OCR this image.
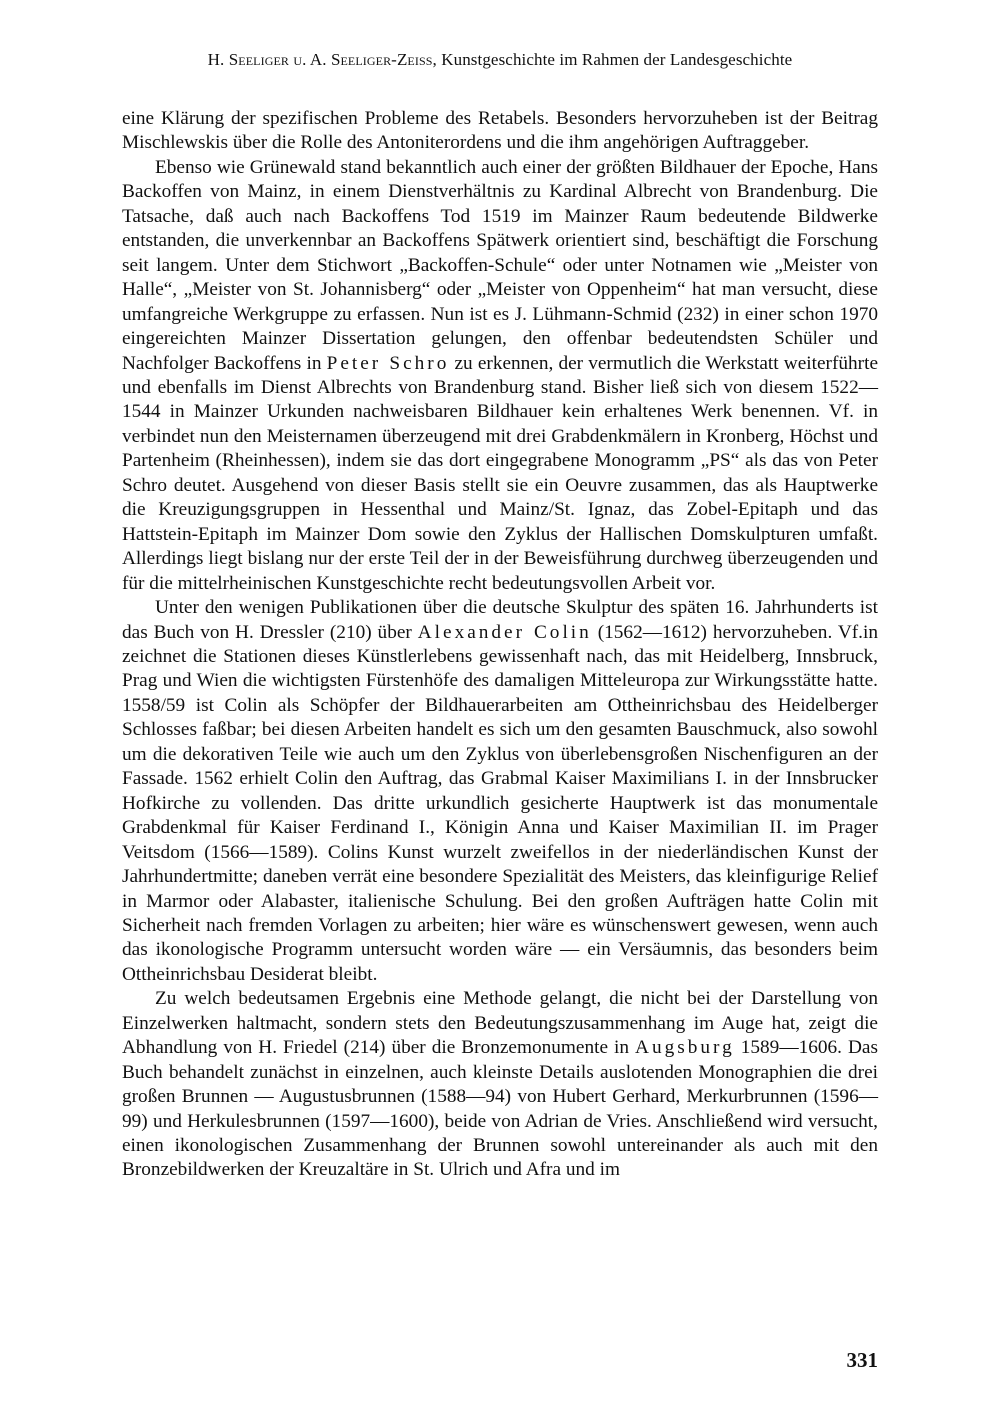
H. Seeliger u. A. Seeliger-Zeiss, Kunstgeschichte im Rahmen der Landesgeschichte

eine Klärung der spezifischen Probleme des Retabels. Besonders hervorzuheben ist der Beitrag Mischlewskis über die Rolle des Antoniterordens und die ihm angehörigen Auftraggeber.

Ebenso wie Grünewald stand bekanntlich auch einer der größten Bildhauer der Epoche, Hans Backoffen von Mainz, in einem Dienstverhältnis zu Kardinal Albrecht von Brandenburg. Die Tatsache, daß auch nach Backoffens Tod 1519 im Mainzer Raum bedeutende Bildwerke entstanden, die unverkennbar an Backoffens Spätwerk orientiert sind, beschäftigt die Forschung seit langem. Unter dem Stichwort „Backoffen-Schule“ oder unter Notnamen wie „Meister von Halle“, „Meister von St. Johannisberg“ oder „Meister von Oppenheim“ hat man versucht, diese umfangreiche Werkgruppe zu erfassen. Nun ist es J. Lühmann-Schmid (232) in einer schon 1970 eingereichten Mainzer Dissertation gelungen, den offenbar bedeutendsten Schüler und Nachfolger Backoffens in Peter Schro zu erkennen, der vermutlich die Werkstatt weiterführte und ebenfalls im Dienst Albrechts von Brandenburg stand. Bisher ließ sich von diesem 1522—1544 in Mainzer Urkunden nachweisbaren Bildhauer kein erhaltenes Werk benennen. Vf. in verbindet nun den Meisternamen überzeugend mit drei Grabdenkmälern in Kronberg, Höchst und Partenheim (Rheinhessen), indem sie das dort eingegrabene Monogramm „PS“ als das von Peter Schro deutet. Ausgehend von dieser Basis stellt sie ein Oeuvre zusammen, das als Hauptwerke die Kreuzigungsgruppen in Hessenthal und Mainz/St. Ignaz, das Zobel-Epitaph und das Hattstein-Epitaph im Mainzer Dom sowie den Zyklus der Hallischen Domskulpturen umfaßt. Allerdings liegt bislang nur der erste Teil der in der Beweisführung durchweg überzeugenden und für die mittelrheinischen Kunstgeschichte recht bedeutungsvollen Arbeit vor.

Unter den wenigen Publikationen über die deutsche Skulptur des späten 16. Jahrhunderts ist das Buch von H. Dressler (210) über Alexander Colin (1562—1612) hervorzuheben. Vf.in zeichnet die Stationen dieses Künstlerlebens gewissenhaft nach, das mit Heidelberg, Innsbruck, Prag und Wien die wichtigsten Fürstenhöfe des damaligen Mitteleuropa zur Wirkungsstätte hatte. 1558/59 ist Colin als Schöpfer der Bildhauerarbeiten am Ottheinrichsbau des Heidelberger Schlosses faßbar; bei diesen Arbeiten handelt es sich um den gesamten Bauschmuck, also sowohl um die dekorativen Teile wie auch um den Zyklus von überlebensgroßen Nischenfiguren an der Fassade. 1562 erhielt Colin den Auftrag, das Grabmal Kaiser Maximilians I. in der Innsbrucker Hofkirche zu vollenden. Das dritte urkundlich gesicherte Hauptwerk ist das monumentale Grabdenkmal für Kaiser Ferdinand I., Königin Anna und Kaiser Maximilian II. im Prager Veitsdom (1566—1589). Colins Kunst wurzelt zweifellos in der niederländischen Kunst der Jahrhundertmitte; daneben verrät eine besondere Spezialität des Meisters, das kleinfigurige Relief in Marmor oder Alabaster, italienische Schulung. Bei den großen Aufträgen hatte Colin mit Sicherheit nach fremden Vorlagen zu arbeiten; hier wäre es wünschenswert gewesen, wenn auch das ikonologische Programm untersucht worden wäre — ein Versäumnis, das besonders beim Ottheinrichsbau Desiderat bleibt.

Zu welch bedeutsamen Ergebnis eine Methode gelangt, die nicht bei der Darstellung von Einzelwerken haltmacht, sondern stets den Bedeutungszusammenhang im Auge hat, zeigt die Abhandlung von H. Friedel (214) über die Bronzemonumente in Augsburg 1589—1606. Das Buch behandelt zunächst in einzelnen, auch kleinste Details auslotenden Monographien die drei großen Brunnen — Augustusbrunnen (1588—94) von Hubert Gerhard, Merkurbrunnen (1596—99) und Herkulesbrunnen (1597—1600), beide von Adrian de Vries. Anschließend wird versucht, einen ikonologischen Zusammenhang der Brunnen sowohl untereinander als auch mit den Bronzebildwerken der Kreuzaltäre in St. Ulrich und Afra und im

331
